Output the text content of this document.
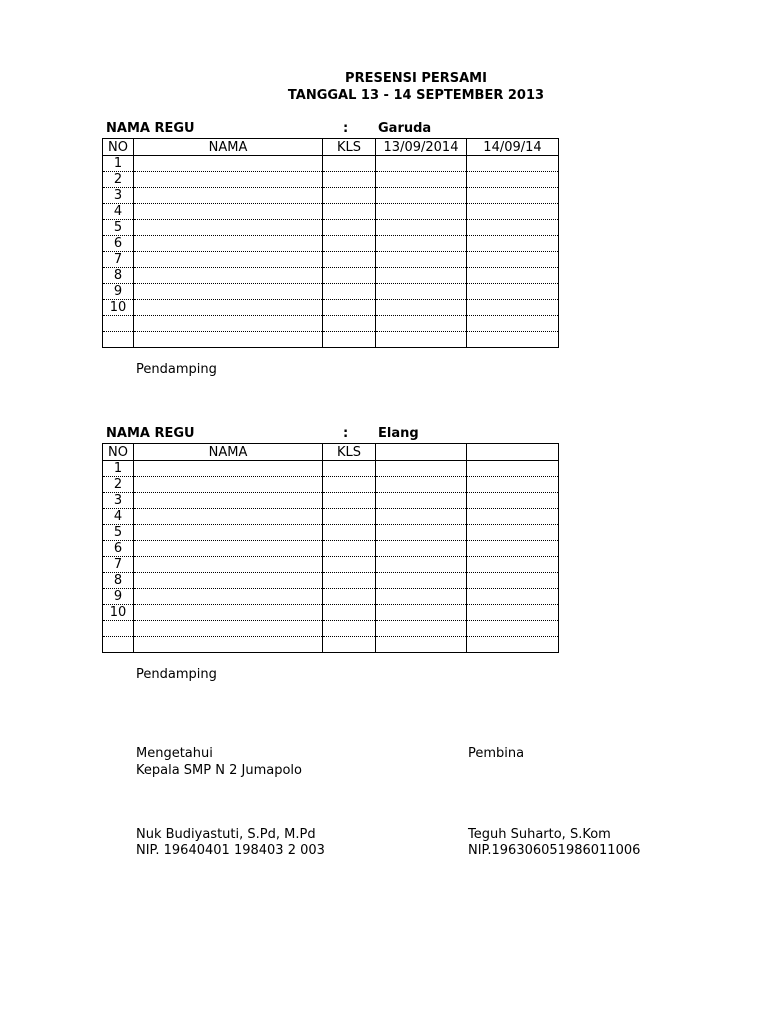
PRESENSI PERSAMI
TANGGAL 13 - 14 SEPTEMBER 2013
NAMA REGU	: Garuda
NO	NAMA	KLS	13/09/2014	14/09/14
1				
2				
3				
4				
5				
6				
7				
8				
9				
10				

Pendamping
NAMA REGU	: Elang
NO	NAMA	KLS		
1				
2				
3				
4				
5				
6				
7				
8				
9				
10				

Pendamping
Mengetahui
Kepala SMP N 2 Jumapolo
Nuk Budiyastuti, S.Pd, M.Pd
NIP. 19640401 198403 2 003
Pembina
Teguh Suharto, S.Kom
NIP.196306051986011006
